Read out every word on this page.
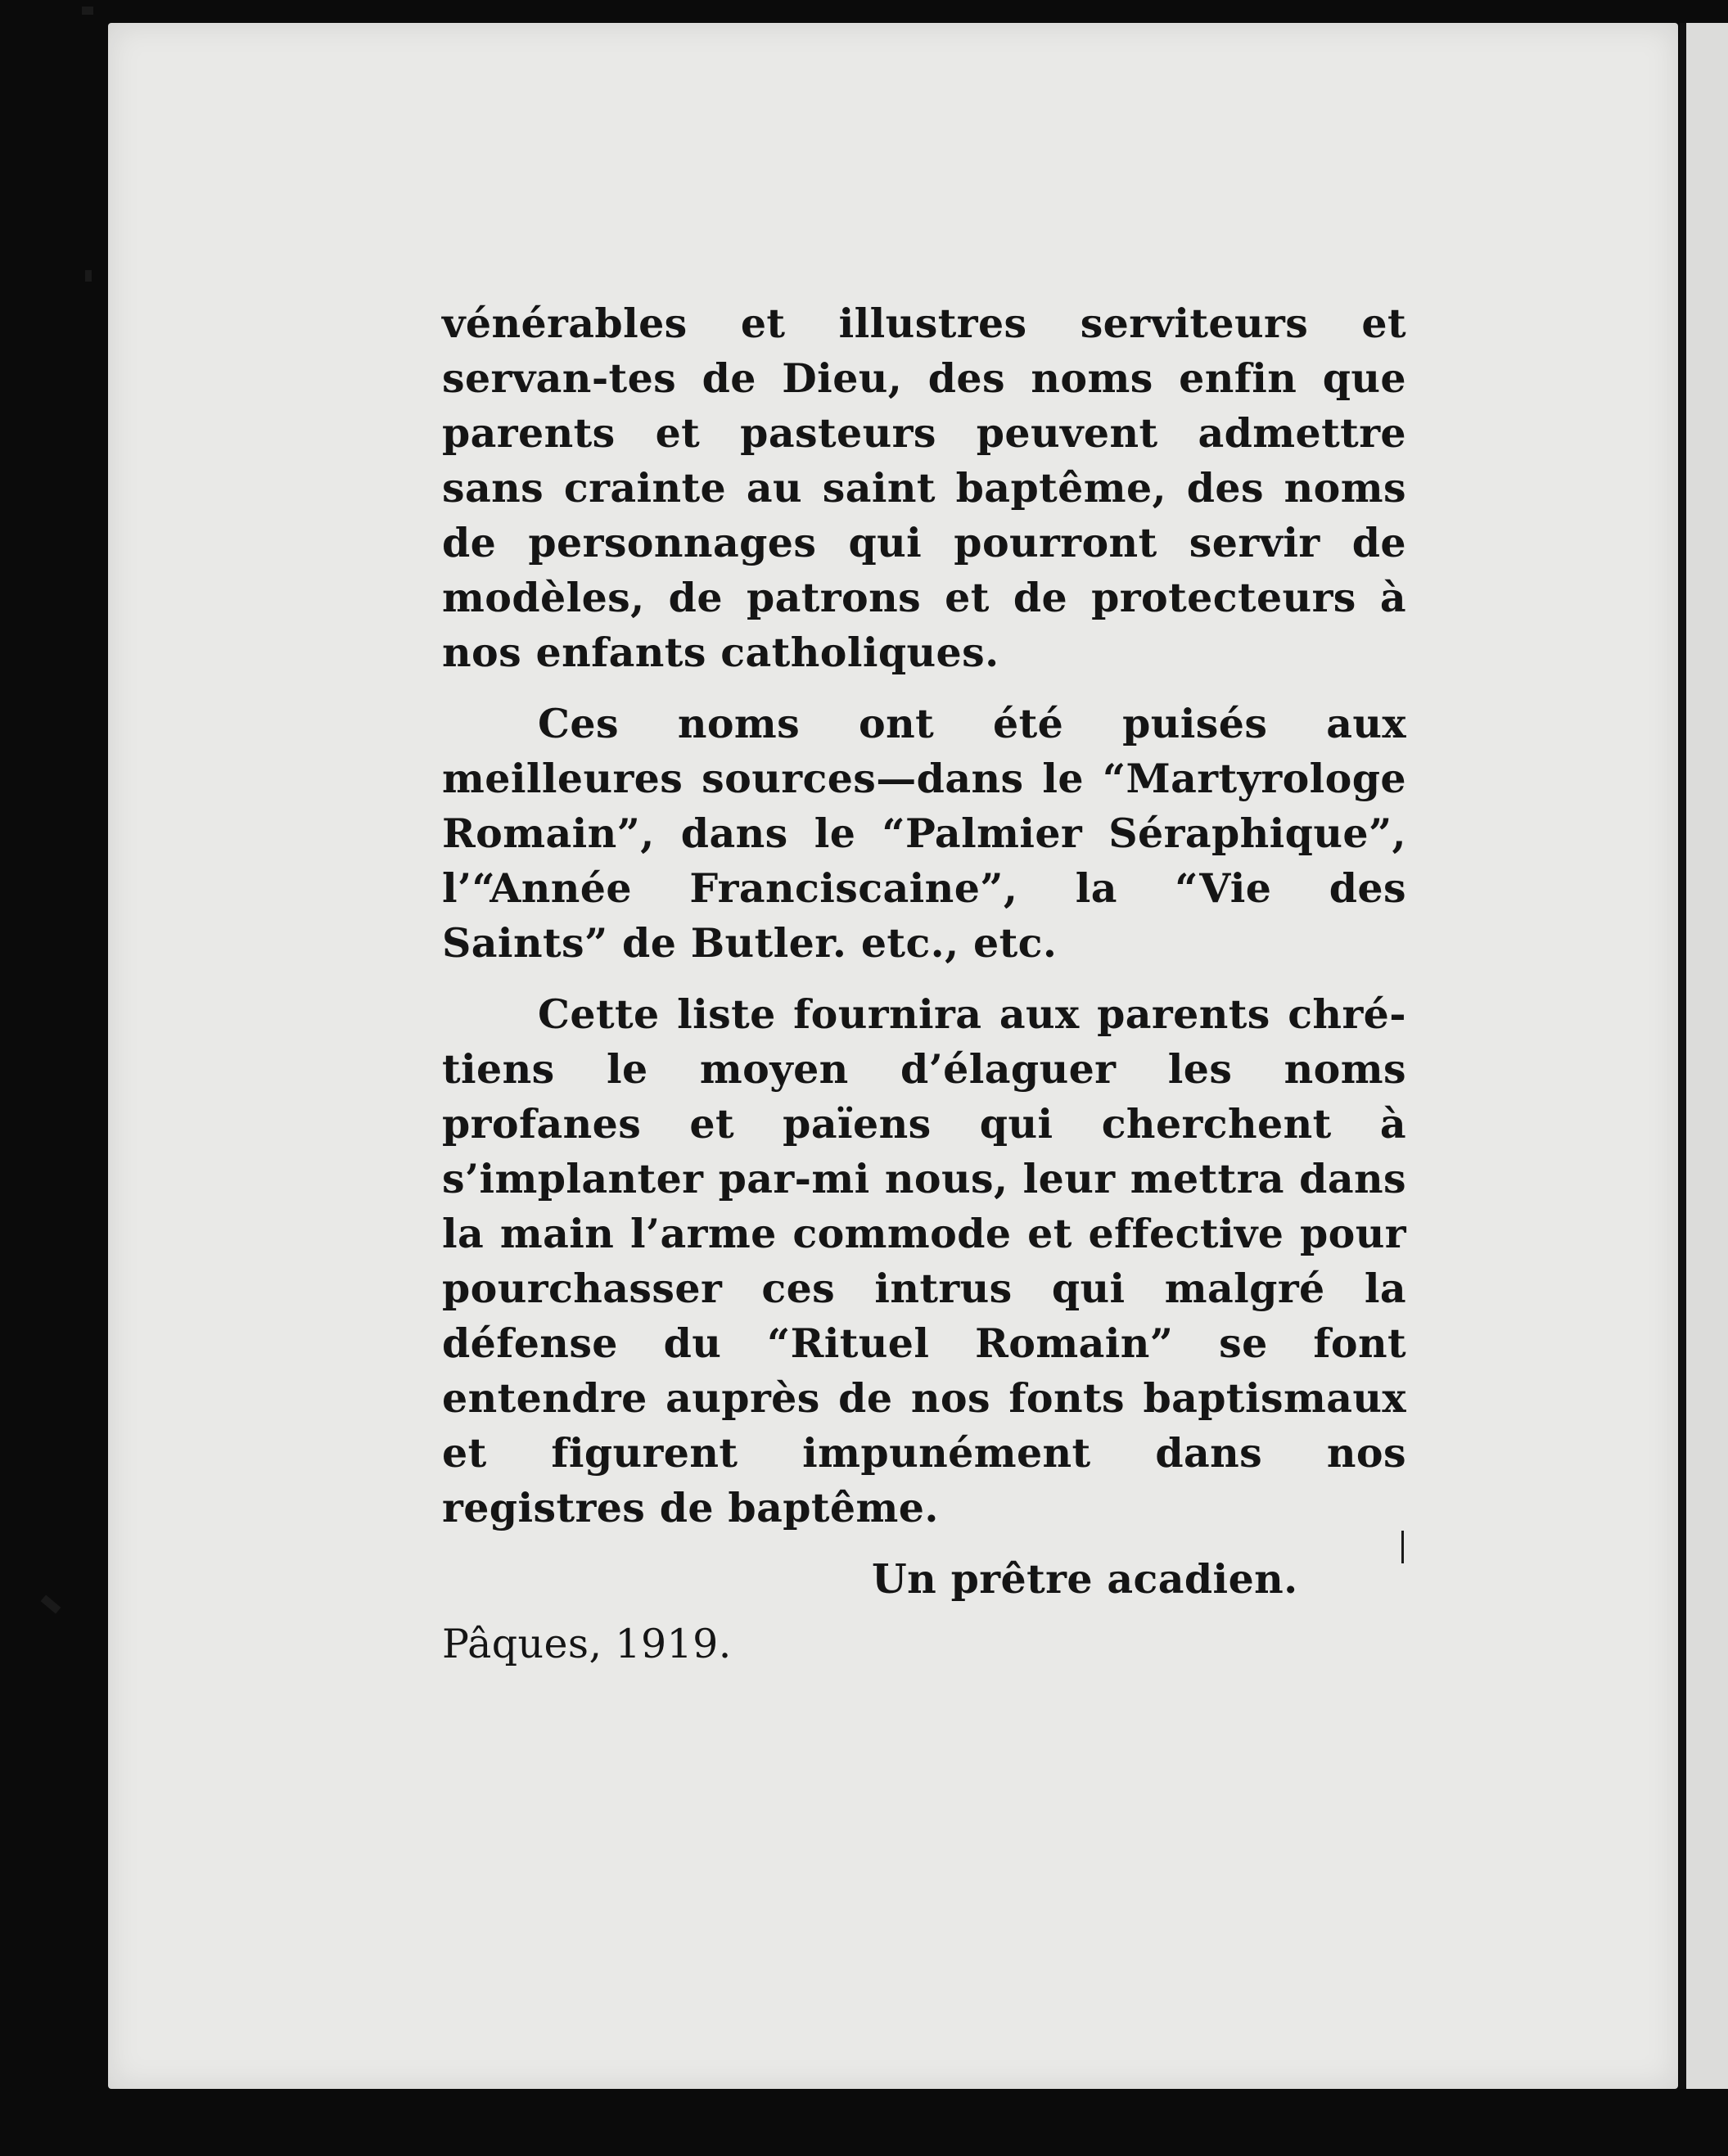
vénérables et illustres serviteurs et servan-tes de Dieu, des noms enfin que parents et pasteurs peuvent admettre sans crainte au saint baptême, des noms de personnages qui pourront servir de modèles, de patrons et de protecteurs à nos enfants catholiques.

Ces noms ont été puisés aux meilleures sources—dans le “Martyrologe Romain”, dans le “Palmier Séraphique”, l’“Année Franciscaine”, la “Vie des Saints” de Butler. etc., etc.

Cette liste fournira aux parents chré-tiens le moyen d’élaguer les noms profanes et païens qui cherchent à s’implanter par-mi nous, leur mettra dans la main l’arme commode et effective pour pourchasser ces intrus qui malgré la défense du “Rituel Romain” se font entendre auprès de nos fonts baptismaux et figurent impunément dans nos registres de baptême.

Un prêtre acadien.

Pâques, 1919.
